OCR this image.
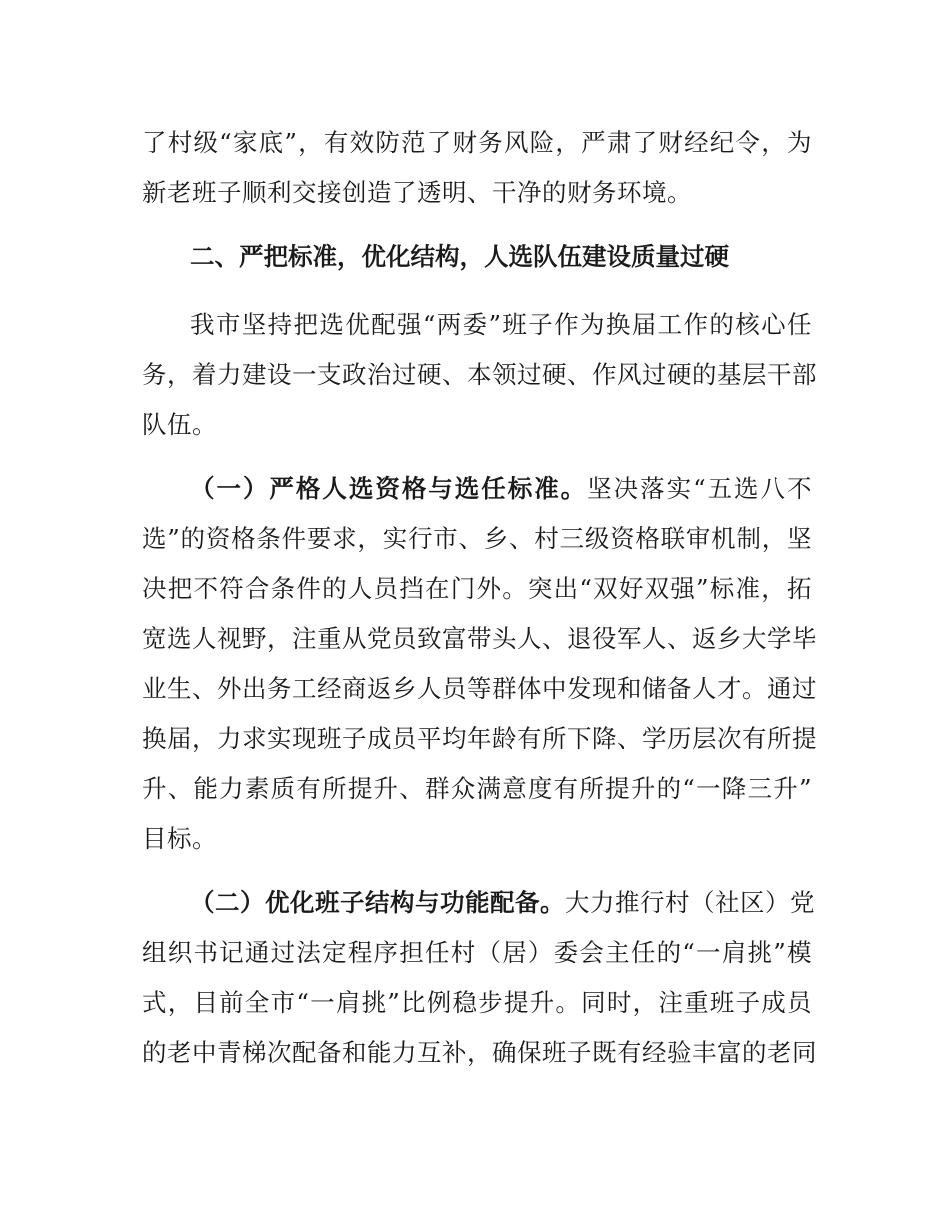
了村级“家底”，有效防范了财务风险，严肃了财经纪令，为
新老班子顺利交接创造了透明、干净的财务环境。
二、严把标准，优化结构，人选队伍建设质量过硬
我市坚持把选优配强“两委”班子作为换届工作的核心任
务，着力建设一支政治过硬、本领过硬、作风过硬的基层干部
队伍。
（一）严格人选资格与选任标准。坚决落实“五选八不
选”的资格条件要求，实行市、乡、村三级资格联审机制，坚
决把不符合条件的人员挡在门外。突出“双好双强”标准，拓
宽选人视野，注重从党员致富带头人、退役军人、返乡大学毕
业生、外出务工经商返乡人员等群体中发现和储备人才。通过
换届，力求实现班子成员平均年龄有所下降、学历层次有所提
升、能力素质有所提升、群众满意度有所提升的“一降三升”
目标。
（二）优化班子结构与功能配备。大力推行村（社区）党
组织书记通过法定程序担任村（居）委会主任的“一肩挑”模
式，目前全市“一肩挑”比例稳步提升。同时，注重班子成员
的老中青梯次配备和能力互补，确保班子既有经验丰富的老同
